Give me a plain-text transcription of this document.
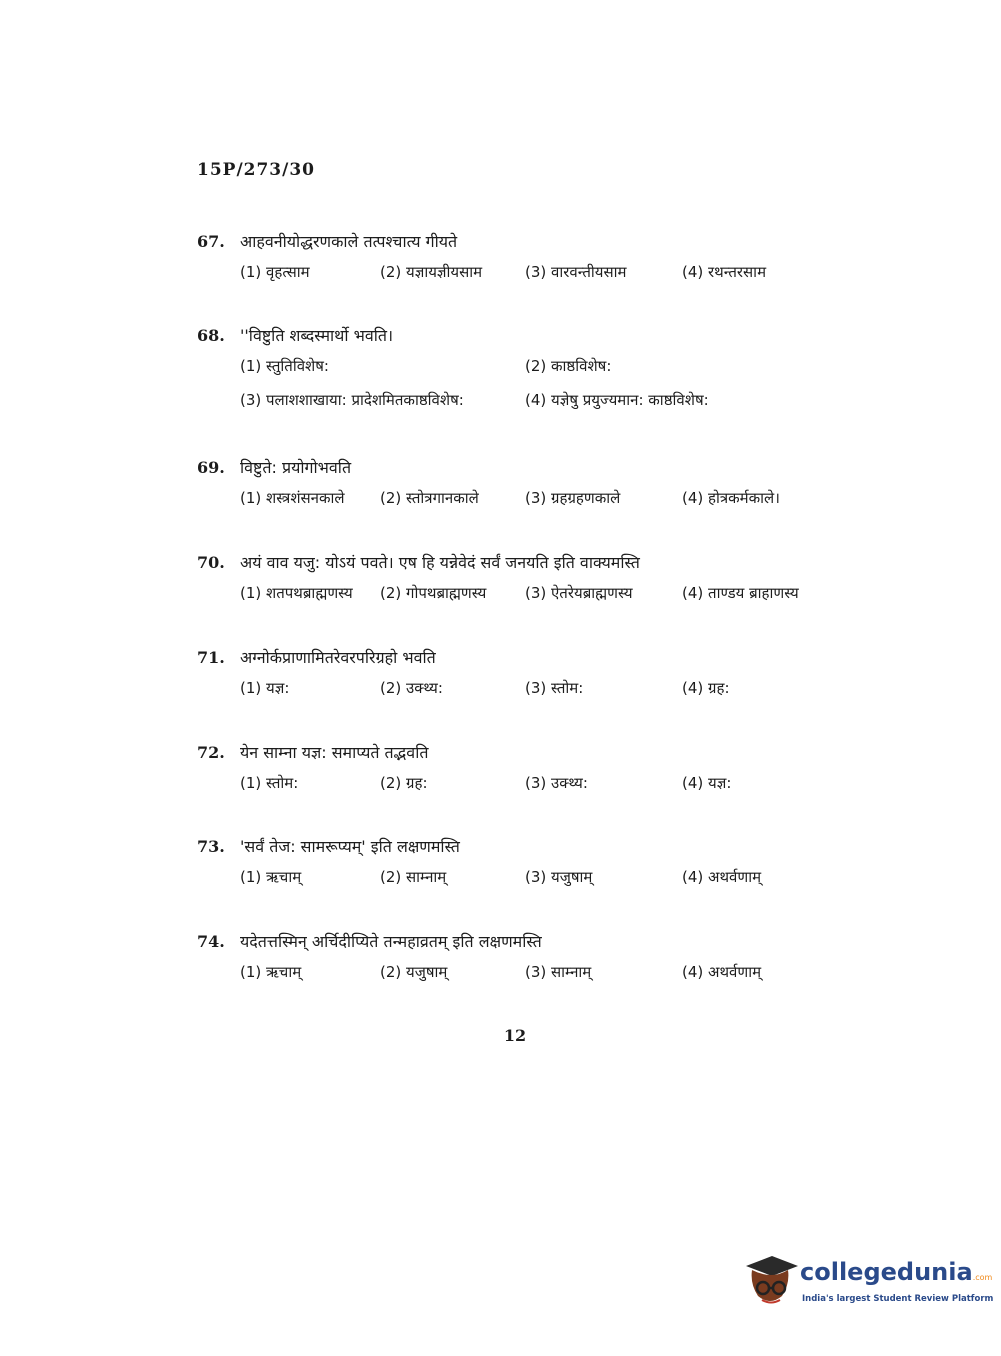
15P/273/30
67. आहवनीयोद्धरणकाले तत्पश्चात्य गीयते
(1) वृहत्साम	(2) यज्ञायज्ञीयसाम	(3) वारवन्तीयसाम	(4) रथन्तरसाम
68. ''विष्टुति शब्दस्मार्थो भवति।
(1) स्तुतिविशेष:	(2) काष्ठविशेष:
(3) पलाशशाखाया: प्रादेशमितकाष्ठविशेष:	(4) यज्ञेषु प्रयुज्यमान: काष्ठविशेष:
69. विष्टुते: प्रयोगोभवति
(1) शस्त्रशंसनकाले (2) स्तोत्रगानकाले	(3) ग्रहग्रहणकाले	(4) होत्रकर्मकाले।
70. अयं वाव यजु: योऽयं पवते। एष हि यन्नेवेदं सर्वं जनयति इति वाक्यमस्ति
(1) शतपथब्राह्मणस्य (2) गोपथब्राह्मणस्य	(3) ऐतरेयब्राह्मणस्य	(4) ताण्डय ब्राहाणस्य
71. अग्नोर्कप्राणामितरेवरपरिग्रहो भवति
(1) यज्ञ:	(2) उक्थ्य:	(3) स्तोम:	(4) ग्रह:
72. येन साम्ना यज्ञ: समाप्यते तद्भवति
(1) स्तोम:	(2) ग्रह:	(3) उक्थ्य:	(4) यज्ञ:
73. 'सर्वं तेज: सामरूप्यम्' इति लक्षणमस्ति
(1) ऋचाम्	(2) साम्नाम्	(3) यजुषाम्	(4) अथर्वणाम्
74. यदेतत्तस्मिन् अर्चिदीप्यिते तन्महाव्रतम् इति लक्षणमस्ति
(1) ऋचाम्	(2) यजुषाम्	(3) साम्नाम्	(4) अथर्वणाम्
12
collegedunia.com
India's largest Student Review Platform
